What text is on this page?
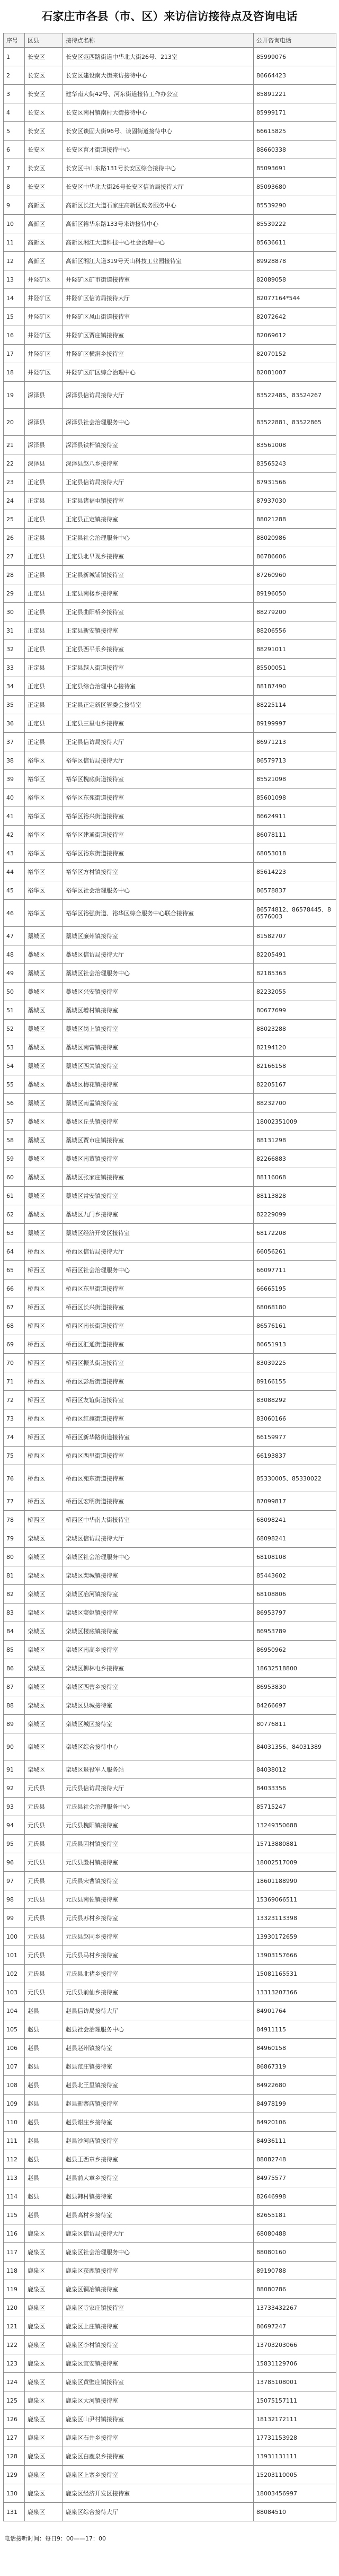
石家庄市各县（市、区）来访信访接待点及咨询电话
序号	区县	接待点名称	公开咨询电话
1	长安区	长安区范西路街道中华北大街26号、213室	85999076
2	长安区	长安区建设南大街来访接待中心	86664423
3	长安区	建华南大街42号、河东街道接待工作办公室	85891221
4	长安区	长安区南村镇南村大街接待中心	85999171
5	长安区	长安区谈固大街96号、谈固街道接待中心	66615825
6	长安区	长安区育才街道接待中心	88660338
7	长安区	长安区中山东路131号长安区综合接待中心	85093691
8	长安区	长安区中华北大街26号长安区信访局接待大厅	85093680
9	高新区	高新区长江大道石家庄高新区政务服务中心	85539290
10	高新区	高新区裕华东路133号来访接待中心	85539222
11	高新区	高新区湘江大道科技中心社会治理中心	85636611
12	高新区	高新区湘江大道319号天山科技工业园接待室	89928878
13	井陉矿区	井陉矿区矿市街道接待室	82089058
14	井陉矿区	井陉矿区信访局接待大厅	82077164*544
15	井陉矿区	井陉矿区凤山街道接待室	82072642
16	井陉矿区	井陉矿区贾庄镇接待室	82069612
17	井陉矿区	井陉矿区横涧乡接待室	82070152
18	井陉矿区	井陉矿区矿区综合治理中心	82081007
19	深泽县	深泽县信访局接待大厅	83522485、83524267
20	深泽县	深泽县社会治理服务中心	83522881、83522865
21	深泽县	深泽县铁杆镇接待室	83561008
22	深泽县	深泽县赵八乡接待室	83565243
23	正定县	正定县信访局接待大厅	87931566
24	正定县	正定县诸福屯镇接待室	87937030
25	正定县	正定县正定镇接待室	88021288
26	正定县	正定县社会治理服务中心	88020986
27	正定县	正定县北早现乡接待室	86786606
28	正定县	正定县新城铺镇接待室	87260960
29	正定县	正定县南楼乡接待室	89196050
30	正定县	正定县曲阳桥乡接待室	88279200
31	正定县	正定县新安镇接待室	88206556
32	正定县	正定县西平乐乡接待室	88291011
33	正定县	正定县越人街道接待室	85500051
34	正定县	正定县综合治理中心接待室	88187490
35	正定县	正定县正定新区管委会接待室	88225114
36	正定县	正定县三里屯乡接待室	89199997
37	正定县	正定县信访局接待大厅	86971213
38	裕华区	裕华区信访局接待大厅	86579713
39	裕华区	裕华区槐底街道接待室	85521098
40	裕华区	裕华区东苑街道接待室	85601098
41	裕华区	裕华区裕兴街道接待室	86624911
42	裕华区	裕华区建通街道接待室	86078111
43	裕华区	裕华区裕东街道接待室	68053018
44	裕华区	裕华区方村镇接待室	85614223
45	裕华区	裕华区社会治理服务中心	86578837
46	裕华区	裕华区裕强街道、裕华区综合服务中心联合接待室	86574812、86578445、86576003
47	藁城区	藁城区廉州镇接待室	81582707
48	藁城区	藁城区信访局接待大厅	82205491
49	藁城区	藁城区社会治理服务中心	82185363
50	藁城区	藁城区兴安镇接待室	82232055
51	藁城区	藁城区增村镇接待室	80677699
52	藁城区	藁城区岗上镇接待室	88023288
53	藁城区	藁城区南营镇接待室	82194120
54	藁城区	藁城区西关镇接待室	82166158
55	藁城区	藁城区梅花镇接待室	82205167
56	藁城区	藁城区南孟镇接待室	88232700
57	藁城区	藁城区丘头镇接待室	18002351009
58	藁城区	藁城区贾市庄镇接待室	88131298
59	藁城区	藁城区南董镇接待室	82266883
60	藁城区	藁城区张家庄镇接待室	88116068
61	藁城区	藁城区常安镇接待室	88113828
62	藁城区	藁城区九门乡接待室	82229099
63	藁城区	藁城区经济开发区接待室	68172208
64	桥西区	桥西区信访局接待大厅	66056261
65	桥西区	桥西区社会治理服务中心	66097711
66	桥西区	桥西区东里街道接待室	66665195
67	桥西区	桥西区长兴街道接待室	68068180
68	桥西区	桥西区南长街道接待室	86576161
69	桥西区	桥西区汇通街道接待室	86651913
70	桥西区	桥西区振头街道接待室	83039225
71	桥西区	桥西区彭后街道接待室	89166155
72	桥西区	桥西区友谊街道接待室	83088292
73	桥西区	桥西区红旗街道接待室	83060166
74	桥西区	桥西区新华路街道接待室	66159977
75	桥西区	桥西区西里街道接待室	66193837
76	桥西区	桥西区苑东街道接待室	85330005、85330022
77	桥西区	桥西区宏明街道接待室	87099817
78	桥西区	桥西区中华南大街接待室	68098241
79	栾城区	栾城区信访局接待大厅	68098241
80	栾城区	栾城区社会治理服务中心	68108108
81	栾城区	栾城区栾城镇接待室	85443602
82	栾城区	栾城区冶河镇接待室	68108806
83	栾城区	栾城区窦妪镇接待室	86953797
84	栾城区	栾城区楼底镇接待室	86953789
85	栾城区	栾城区南高乡接待室	86950962
86	栾城区	栾城区柳林屯乡接待室	18632518800
87	栾城区	栾城区西营乡接待室	86953830
88	栾城区	栾城区县城接待室	84266697
89	栾城区	栾城区城区接待室	80776811
90	栾城区	栾城区综合接待中心	84031356、84031389
91	栾城区	栾城区退役军人服务站	84038012
92	元氏县	元氏县信访局接待大厅	84033356
93	元氏县	元氏县社会治理服务中心	85715247
94	元氏县	元氏县槐阳镇接待室	13249350688
95	元氏县	元氏县因村镇接待室	15713880881
96	元氏县	元氏县殷村镇接待室	18002517009
97	元氏县	元氏县宋曹镇接待室	18601188990
98	元氏县	元氏县南佐镇接待室	15369066511
99	元氏县	元氏县苏村乡接待室	13323113398
100	元氏县	元氏县赵同乡接待室	13930172659
101	元氏县	元氏县马村乡接待室	13903157666
102	元氏县	元氏县北褚乡接待室	15081165531
103	元氏县	元氏县前仙乡接待室	13313207366
104	赵县	赵县信访局接待大厅	84901764
105	赵县	赵县社会治理服务中心	84911115
106	赵县	赵县赵州镇接待室	84960158
107	赵县	赵县范庄镇接待室	86867319
108	赵县	赵县北王里镇接待室	84922680
109	赵县	赵县新寨店镇接待室	84978199
110	赵县	赵县谢庄乡接待室	84920106
111	赵县	赵县沙河店镇接待室	84936111
112	赵县	赵县王西章乡接待室	88082748
113	赵县	赵县前大章乡接待室	84975577
114	赵县	赵县韩村镇接待室	82646998
115	赵县	赵县高村乡接待室	82655181
116	鹿泉区	鹿泉区信访局接待大厅	68080488
117	鹿泉区	鹿泉区社会治理服务中心	88080160
118	鹿泉区	鹿泉区获鹿镇接待室	89190788
119	鹿泉区	鹿泉区铜冶镇接待室	88080786
120	鹿泉区	鹿泉区寺家庄镇接待室	13733432267
121	鹿泉区	鹿泉区上庄镇接待室	86697247
122	鹿泉区	鹿泉区李村镇接待室	13703203066
123	鹿泉区	鹿泉区宜安镇接待室	15831129706
124	鹿泉区	鹿泉区黄壁庄镇接待室	13785108001
125	鹿泉区	鹿泉区大河镇接待室	15075157111
126	鹿泉区	鹿泉区山尹村镇接待室	18132172111
127	鹿泉区	鹿泉区石井乡接待室	17731153928
128	鹿泉区	鹿泉区白鹿泉乡接待室	13931131111
129	鹿泉区	鹿泉区上寨乡接待室	15203110005
130	鹿泉区	鹿泉区经济开发区接待室	18003456997
131	鹿泉区	鹿泉区综合接待大厅	88084510
电话接听时间：每日9：00——17：00
